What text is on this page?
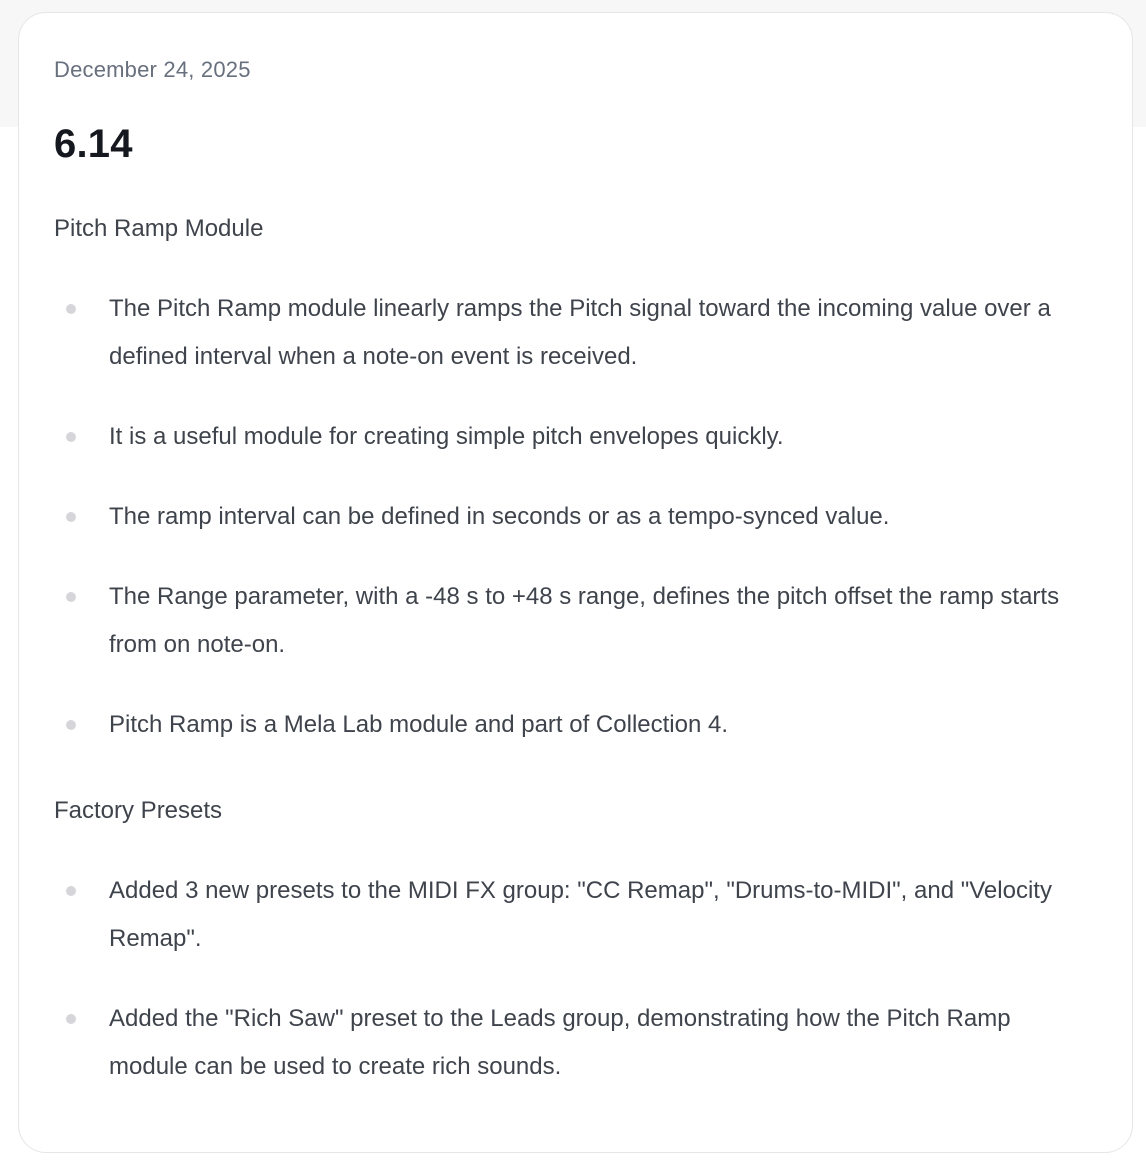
December 24, 2025
6.14
Pitch Ramp Module
The Pitch Ramp module linearly ramps the Pitch signal toward the incoming value over a defined interval when a note-on event is received.
It is a useful module for creating simple pitch envelopes quickly.
The ramp interval can be defined in seconds or as a tempo-synced value.
The Range parameter, with a -48 s to +48 s range, defines the pitch offset the ramp starts from on note-on.
Pitch Ramp is a Mela Lab module and part of Collection 4.
Factory Presets
Added 3 new presets to the MIDI FX group: "CC Remap", "Drums-to-MIDI", and "Velocity Remap".
Added the "Rich Saw" preset to the Leads group, demonstrating how the Pitch Ramp module can be used to create rich sounds.
